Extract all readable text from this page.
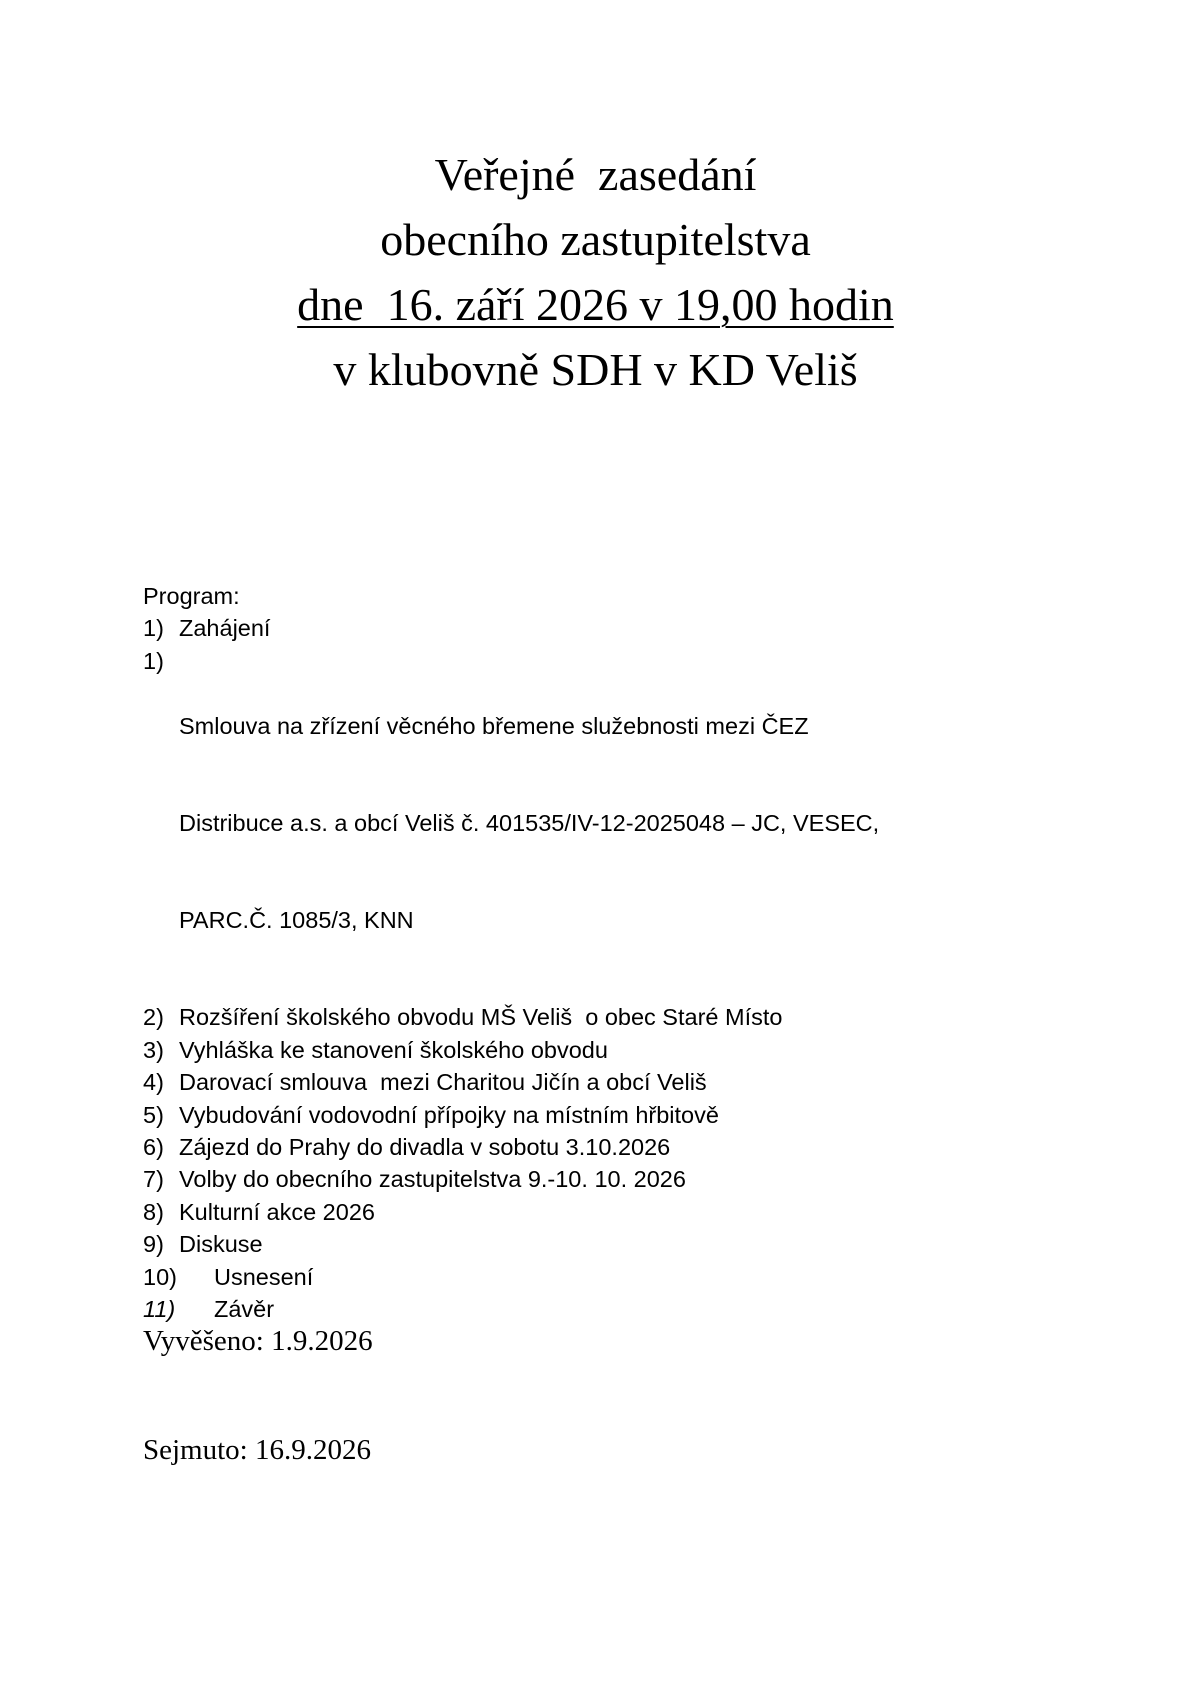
Veřejné  zasedání
obecního zastupitelstva
dne  16. září 2026 v 19,00 hodin
v klubovně SDH v KD Veliš
Program:
1) Zahájení
1)

Smlouva na zřízení věcného břemene služebnosti mezi ČEZ

Distribuce a.s. a obcí Veliš č. 401535/IV-12-2025048 – JC, VESEC,

PARC.Č. 1085/3, KNN

2) Rozšíření školského obvodu MŠ Veliš  o obec Staré Místo
3) Vyhláška ke stanovení školského obvodu
4) Darovací smlouva  mezi Charitou Jičín a obcí Veliš
5) Vybudování vodovodní přípojky na místním hřbitově
6) Zájezd do Prahy do divadla v sobotu 3.10.2026
7) Volby do obecního zastupitelstva 9.-10. 10. 2026
8) Kulturní akce 2026
9) Diskuse
10)	Usnesení
11)	Závěr
Vyvěšeno: 1.9.2026
Sejmuto: 16.9.2026
